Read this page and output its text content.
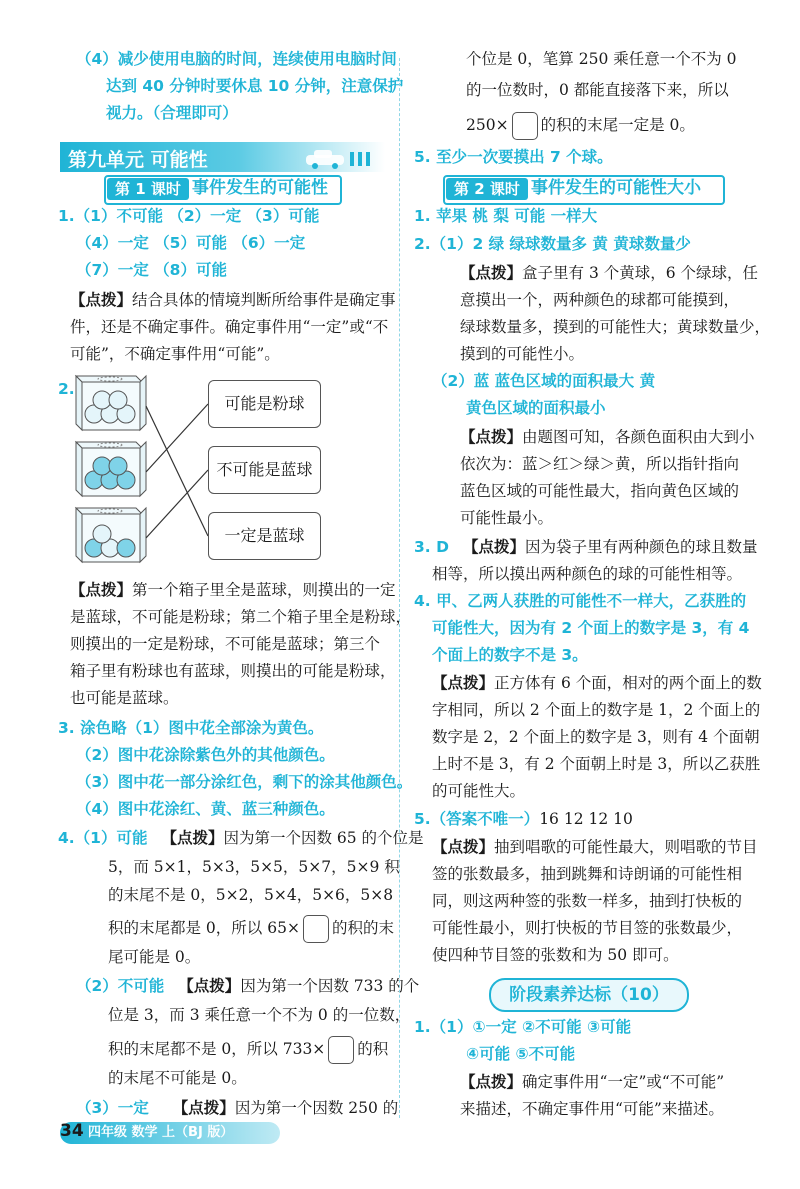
（4）减少使用电脑的时间，连续使用电脑时间
达到 40 分钟时要休息 10 分钟，注意保护
视力。（合理即可）
第九单元 可能性
第 1 课时 事件发生的可能性
1.（1）不可能 （2）一定 （3）可能
（4）一定 （5）可能 （6）一定
（7）一定 （8）可能
【点拨】结合具体的情境判断所给事件是确定事
件，还是不确定事件。确定事件用“一定”或“不
可能”，不确定事件用“可能”。
2.
可能是粉球
不可能是蓝球
一定是蓝球
【点拨】第一个箱子里全是蓝球，则摸出的一定
是蓝球，不可能是粉球；第二个箱子里全是粉球，
则摸出的一定是粉球，不可能是蓝球；第三个
箱子里有粉球也有蓝球，则摸出的可能是粉球，
也可能是蓝球。
3. 涂色略（1）图中花全部涂为黄色。
（2）图中花涂除紫色外的其他颜色。
（3）图中花一部分涂红色，剩下的涂其他颜色。
（4）图中花涂红、黄、蓝三种颜色。
4.（1）可能 【点拨】因为第一个因数 65 的个位是
5，而 5×1，5×3，5×5，5×7，5×9 积
的末尾不是 0，5×2，5×4，5×6，5×8
积的末尾都是 0，所以 65× 的积的末
尾可能是 0。
（2）不可能 【点拨】因为第一个因数 733 的个
位是 3，而 3 乘任意一个不为 0 的一位数，
积的末尾都不是 0，所以 733× 的积
的末尾不可能是 0。
（3）一定 【点拨】因为第一个因数 250 的
34 四年级 数学 上（BJ 版）
个位是 0，笔算 250 乘任意一个不为 0
的一位数时，0 都能直接落下来，所以
250× 的积的末尾一定是 0。
5. 至少一次要摸出 7 个球。
第 2 课时 事件发生的可能性大小
1. 苹果 桃 梨 可能 一样大
2.（1）2 绿 绿球数量多 黄 黄球数量少
【点拨】盒子里有 3 个黄球，6 个绿球，任
意摸出一个，两种颜色的球都可能摸到，
绿球数量多，摸到的可能性大；黄球数量少，
摸到的可能性小。
（2）蓝 蓝色区域的面积最大 黄
黄色区域的面积最小
【点拨】由题图可知，各颜色面积由大到小
依次为：蓝＞红＞绿＞黄，所以指针指向
蓝色区域的可能性最大，指向黄色区域的
可能性最小。
3. D 【点拨】因为袋子里有两种颜色的球且数量
相等，所以摸出两种颜色的球的可能性相等。
4. 甲、乙两人获胜的可能性不一样大，乙获胜的
可能性大，因为有 2 个面上的数字是 3，有 4
个面上的数字不是 3。
【点拨】正方体有 6 个面，相对的两个面上的数
字相同，所以 2 个面上的数字是 1，2 个面上的
数字是 2，2 个面上的数字是 3，则有 4 个面朝
上时不是 3，有 2 个面朝上时是 3，所以乙获胜
的可能性大。
5.（答案不唯一）16 12 12 10
【点拨】抽到唱歌的可能性最大，则唱歌的节目
签的张数最多，抽到跳舞和诗朗诵的可能性相
同，则这两种签的张数一样多，抽到打快板的
可能性最小，则打快板的节目签的张数最少，
使四种节目签的张数和为 50 即可。
阶段素养达标（10）
1.（1）①一定 ②不可能 ③可能
④可能 ⑤不可能
【点拨】确定事件用“一定”或“不可能”
来描述，不确定事件用“可能”来描述。
